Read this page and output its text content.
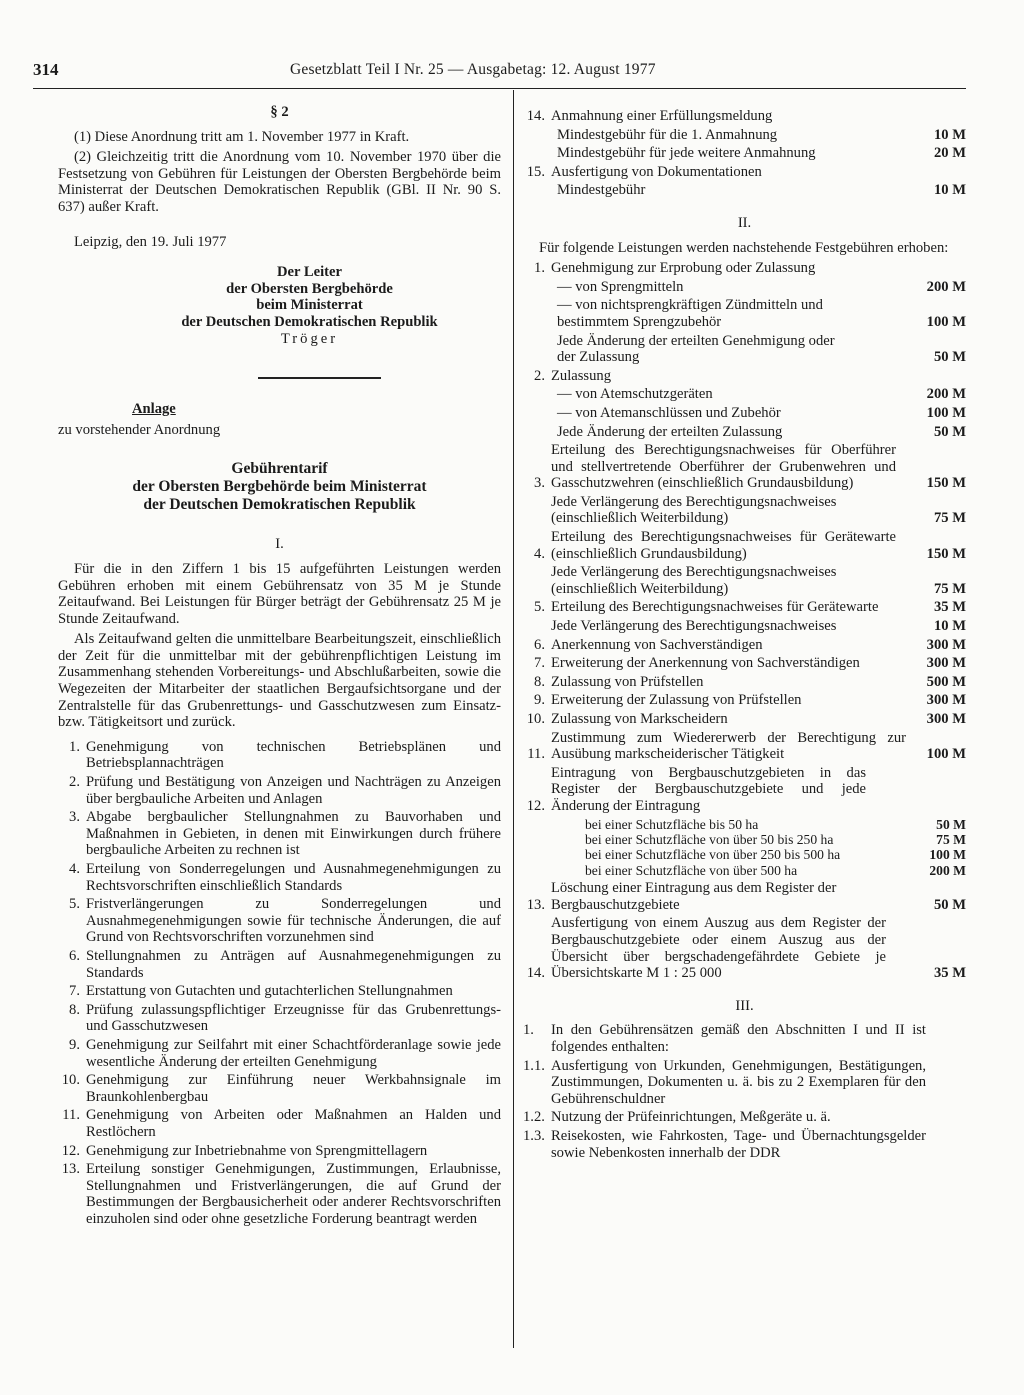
314	Gesetzblatt Teil I Nr. 25 — Ausgabetag: 12. August 1977

§ 2

(1) Diese Anordnung tritt am 1. November 1977 in Kraft.

(2) Gleichzeitig tritt die Anordnung vom 10. November 1970 über die Festsetzung von Gebühren für Leistungen der Obersten Bergbehörde beim Ministerrat der Deutschen Demokratischen Republik (GBl. II Nr. 90 S. 637) außer Kraft.

Leipzig, den 19. Juli 1977

Der Leiter

der Obersten Bergbehörde

beim Ministerrat

der Deutschen Demokratischen Republik

Tröger

Anlage

zu vorstehender Anordnung

Gebührentarif

der Obersten Bergbehörde beim Ministerrat

der Deutschen Demokratischen Republik

I.

Für die in den Ziffern 1 bis 15 aufgeführten Leistungen werden Gebühren erhoben mit einem Gebührensatz von 35 M je Stunde Zeitaufwand. Bei Leistungen für Bürger beträgt der Gebührensatz 25 M je Stunde Zeitaufwand.

Als Zeitaufwand gelten die unmittelbare Bearbeitungszeit, einschließlich der Zeit für die unmittelbar mit der gebührenpflichtigen Leistung im Zusammenhang stehenden Vorbereitungs- und Abschlußarbeiten, sowie die Wegezeiten der Mitarbeiter der staatlichen Bergaufsichtsorgane und der Zentralstelle für das Grubenrettungs- und Gasschutzwesen zum Einsatz- bzw. Tätigkeitsort und zurück.

1. Genehmigung von technischen Betriebsplänen und Betriebsplannachträgen
2. Prüfung und Bestätigung von Anzeigen und Nachträgen zu Anzeigen über bergbauliche Arbeiten und Anlagen
3. Abgabe bergbaulicher Stellungnahmen zu Bauvorhaben und Maßnahmen in Gebieten, in denen mit Einwirkungen durch frühere bergbauliche Arbeiten zu rechnen ist
4. Erteilung von Sonderregelungen und Ausnahmegenehmigungen zu Rechtsvorschriften einschließlich Standards
5. Fristverlängerungen zu Sonderregelungen und Ausnahmegenehmigungen sowie für technische Änderungen, die auf Grund von Rechtsvorschriften vorzunehmen sind
6. Stellungnahmen zu Anträgen auf Ausnahmegenehmigungen zu Standards
7. Erstattung von Gutachten und gutachterlichen Stellungnahmen
8. Prüfung zulassungspflichtiger Erzeugnisse für das Grubenrettungs- und Gasschutzwesen
9. Genehmigung zur Seilfahrt mit einer Schachtförderanlage sowie jede wesentliche Änderung der erteilten Genehmigung
10. Genehmigung zur Einführung neuer Werkbahnsignale im Braunkohlenbergbau
11. Genehmigung von Arbeiten oder Maßnahmen an Halden und Restlöchern
12. Genehmigung zur Inbetriebnahme von Sprengmittellagern
13. Erteilung sonstiger Genehmigungen, Zustimmungen, Erlaubnisse, Stellungnahmen und Fristverlängerungen, die auf Grund der Bestimmungen der Bergbausicherheit oder anderer Rechtsvorschriften einzuholen sind oder ohne gesetzliche Forderung beantragt werden
14. Anmahnung einer Erfüllungsmeldung
Mindestgebühr für die 1. Anmahnung	10 M
Mindestgebühr für jede weitere Anmahnung	20 M
15. Ausfertigung von Dokumentationen
Mindestgebühr	10 M

II.

Für folgende Leistungen werden nachstehende Festgebühren erhoben:

1. Genehmigung zur Erprobung oder Zulassung
— von Sprengmitteln	200 M
— von nichtsprengkräftigen Zündmitteln und bestimmtem Sprengzubehör	100 M
Jede Änderung der erteilten Genehmigung oder der Zulassung	50 M
2. Zulassung
— von Atemschutzgeräten	200 M
— von Atemanschlüssen und Zubehör	100 M
Jede Änderung der erteilten Zulassung	50 M
3.
Erteilung des Berechtigungsnachweises für Oberführer und stellvertretende Oberführer der Grubenwehren und Gasschutzwehren (einschließlich Grundausbildung)	150 M
Jede Verlängerung des Berechtigungsnachweises (einschließlich Weiterbildung)	75 M
4.
Erteilung des Berechtigungsnachweises für Gerätewarte (einschließlich Grundausbildung)	150 M
Jede Verlängerung des Berechtigungsnachweises (einschließlich Weiterbildung)	75 M
5. Erteilung des Berechtigungsnachweises für Gerätewarte	35 M
Jede Verlängerung des Berechtigungsnachweises	10 M
6. Anerkennung von Sachverständigen	300 M
7. Erweiterung der Anerkennung von Sachverständigen	300 M
8. Zulassung von Prüfstellen	500 M
9. Erweiterung der Zulassung von Prüfstellen	300 M
10. Zulassung von Markscheidern	300 M
11.
Zustimmung zum Wiedererwerb der Berechtigung zur Ausübung markscheiderischer Tätigkeit	100 M
12.
Eintragung von Bergbauschutzgebieten in das Register der Bergbauschutzgebiete und jede Änderung der Eintragung
bei einer Schutzfläche bis 50 ha	50 M
bei einer Schutzfläche von über 50 bis 250 ha	75 M
bei einer Schutzfläche von über 250 bis 500 ha	100 M
bei einer Schutzfläche von über 500 ha	200 M
13.
Löschung einer Eintragung aus dem Register der Bergbauschutzgebiete	50 M
14.
Ausfertigung von einem Auszug aus dem Register der Bergbauschutzgebiete oder einem Auszug aus der Übersicht über bergschadengefährdete Gebiete je Übersichtskarte M 1 : 25 000	35 M

III.

1.	In den Gebührensätzen gemäß den Abschnitten I und II ist folgendes enthalten:
1.1. Ausfertigung von Urkunden, Genehmigungen, Bestätigungen, Zustimmungen, Dokumenten u. ä. bis zu 2 Exemplaren für den Gebührenschuldner
1.2. Nutzung der Prüfeinrichtungen, Meßgeräte u. ä.
1.3. Reisekosten, wie Fahrkosten, Tage- und Übernachtungsgelder sowie Nebenkosten innerhalb der DDR
